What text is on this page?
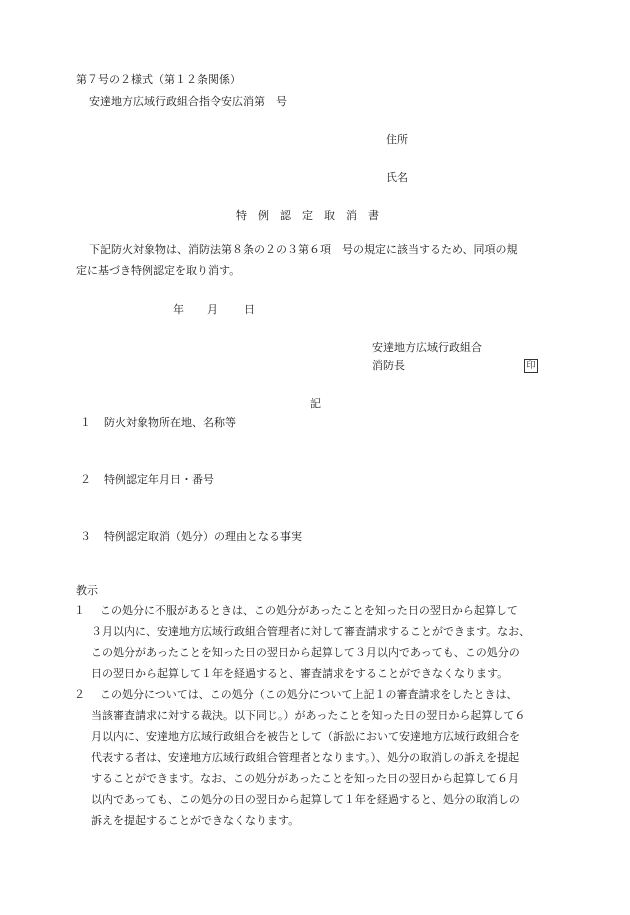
第７号の２様式（第１２条関係）
安達地方広域行政組合指令安広消第　号
住所
氏名
特　例　認　定　取　消　書
下記防火対象物は、消防法第８条の２の３第６項　号の規定に該当するため、同項の規
定に基づき特例認定を取り消す。
年 月 日
安達地方広域行政組合
消防長	印
記
１ 防火対象物所在地、名称等
２ 特例認定年月日・番号
３ 特例認定取消（処分）の理由となる事実
教示
１ この処分に不服があるときは、この処分があったことを知った日の翌日から起算して
３月以内に、安達地方広域行政組合管理者に対して審査請求することができます。なお、
この処分があったことを知った日の翌日から起算して３月以内であっても、この処分の
日の翌日から起算して１年を経過すると、審査請求をすることができなくなります。
２ この処分については、この処分（この処分について上記１の審査請求をしたときは、
当該審査請求に対する裁決。以下同じ。）があったことを知った日の翌日から起算して６
月以内に、安達地方広域行政組合を被告として（訴訟において安達地方広域行政組合を
代表する者は、安達地方広域行政組合管理者となります。）、処分の取消しの訴えを提起
することができます。なお、この処分があったことを知った日の翌日から起算して６月
以内であっても、この処分の日の翌日から起算して１年を経過すると、処分の取消しの
訴えを提起することができなくなります。
